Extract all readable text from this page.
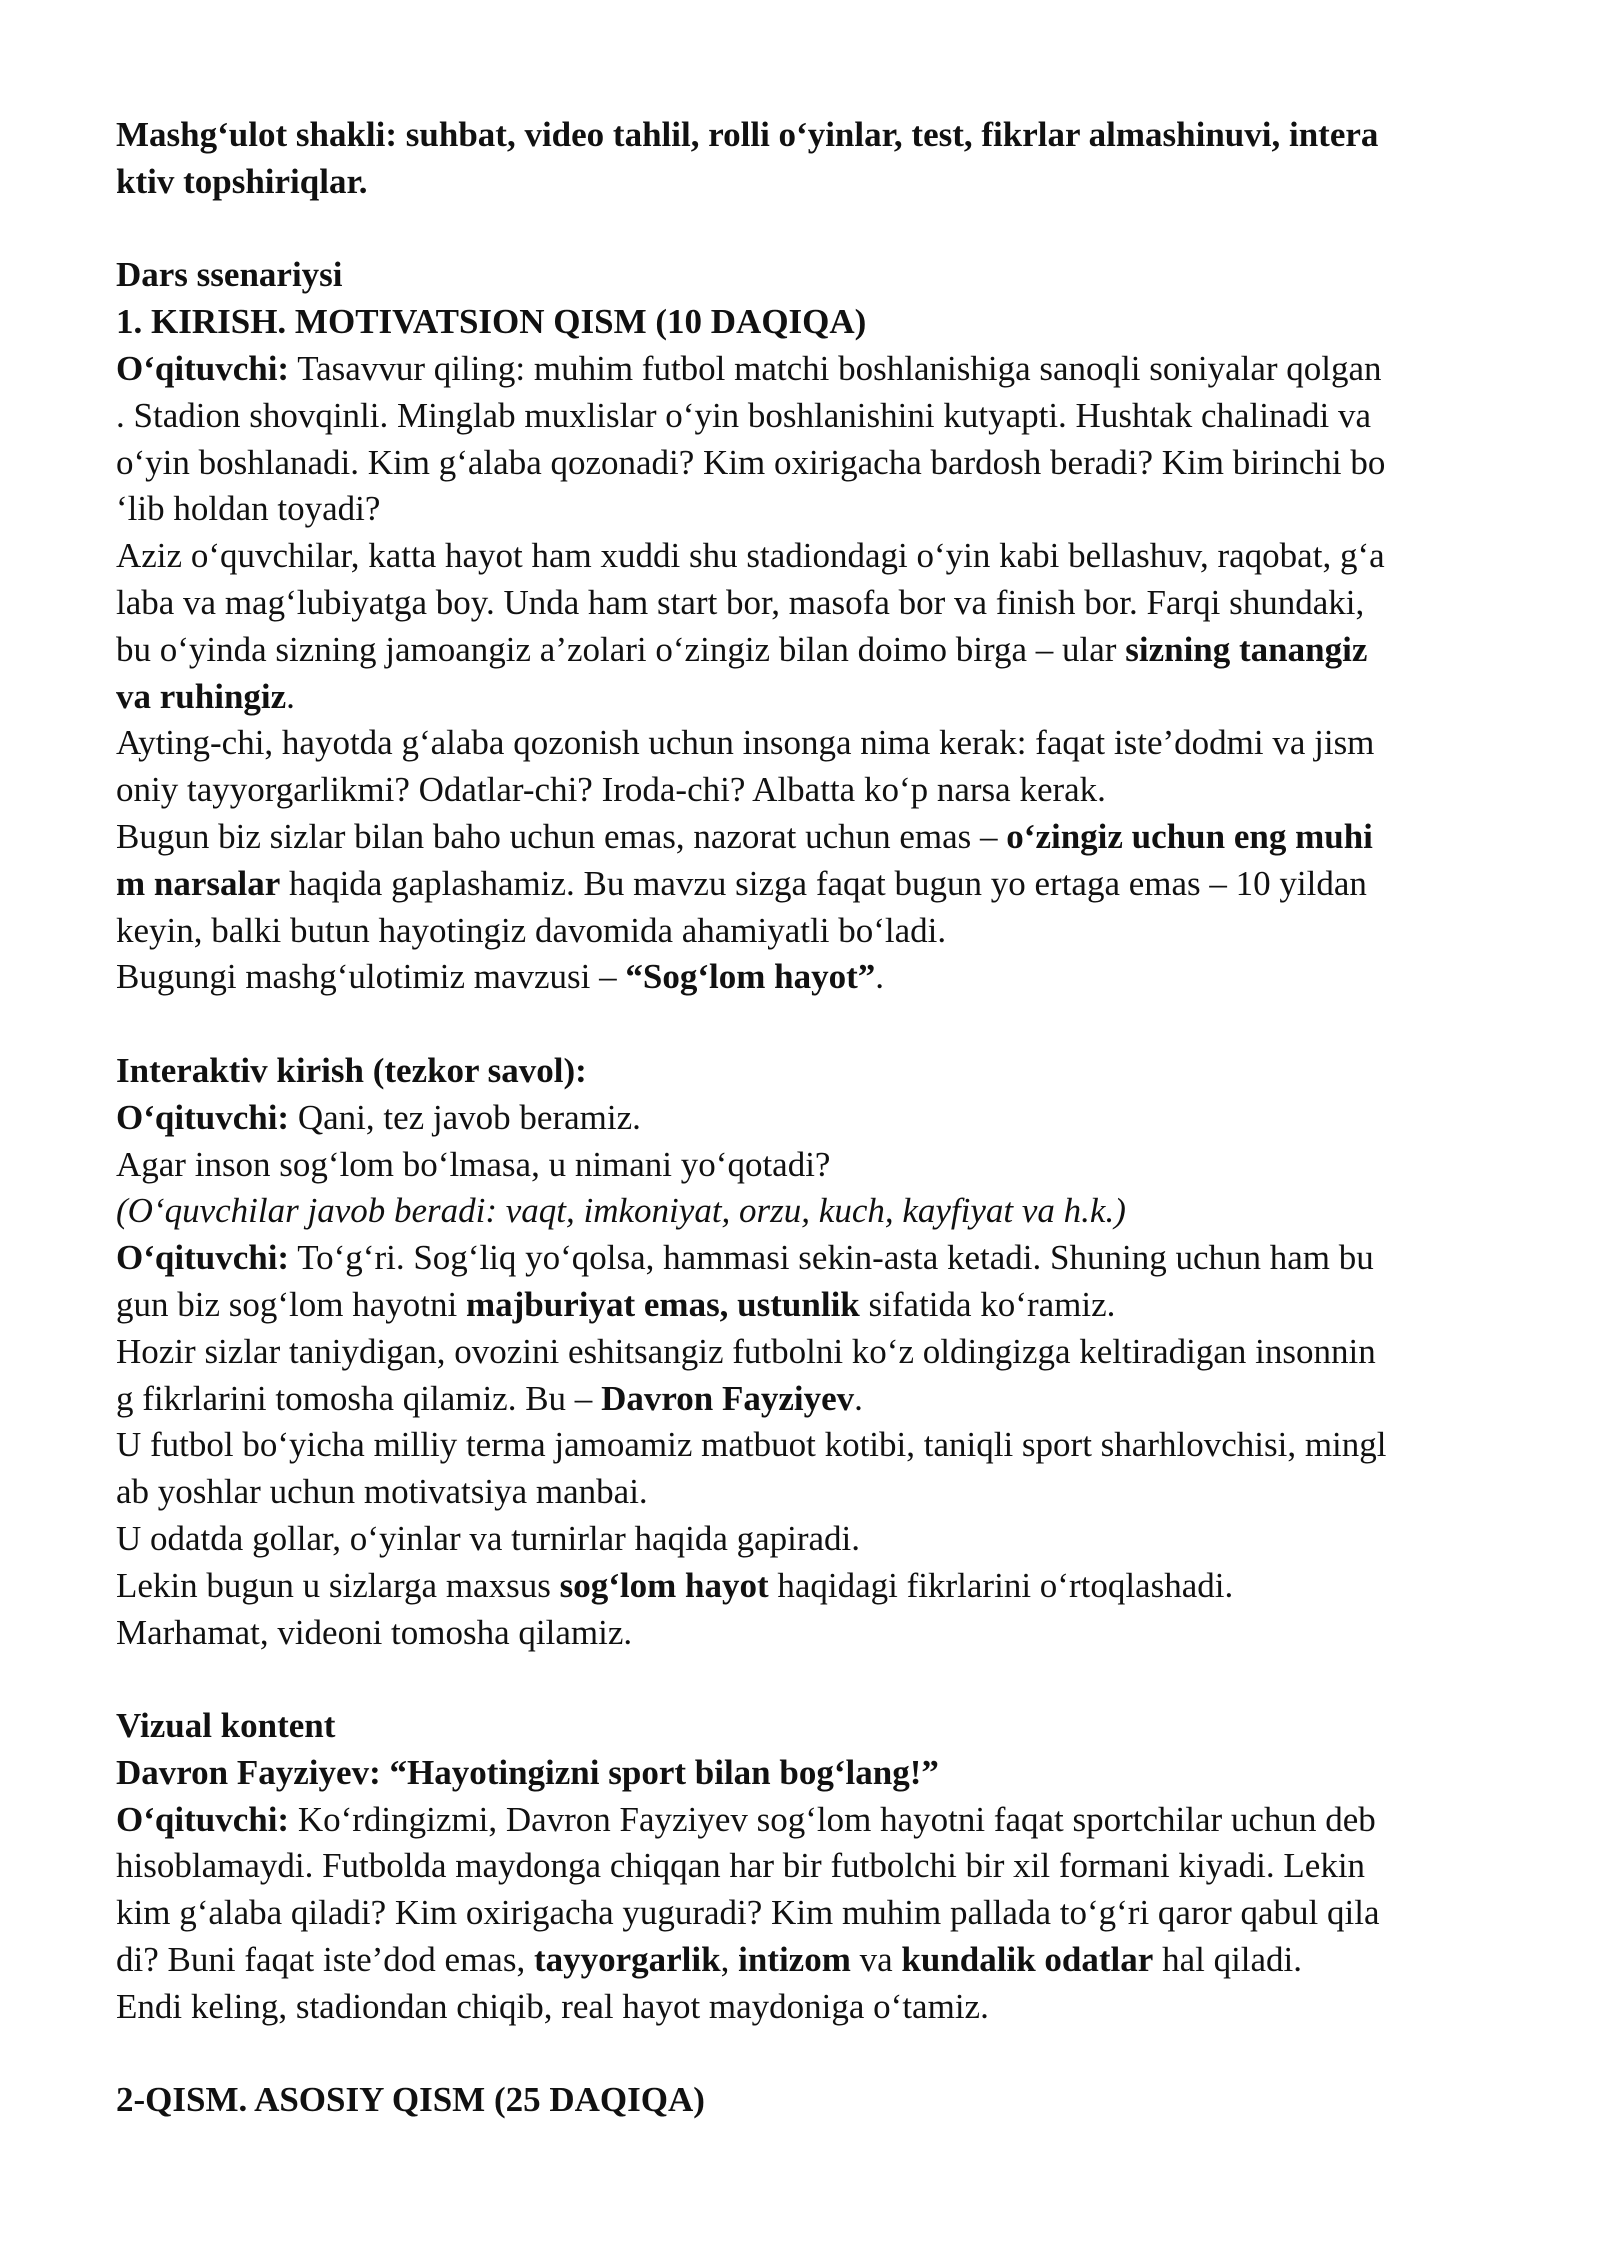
Mashg‘ulot shakli: suhbat, video tahlil, rolli o‘yinlar, test, fikrlar almashinuvi, intera
ktiv topshiriqlar.
Dars ssenariysi
1. KIRISH. MOTIVATSION QISM (10 DAQIQA)
O‘qituvchi: Tasavvur qiling: muhim futbol matchi boshlanishiga sanoqli soniyalar qolgan
. Stadion shovqinli. Minglab muxlislar o‘yin boshlanishini kutyapti. Hushtak chalinadi va
o‘yin boshlanadi. Kim g‘alaba qozonadi? Kim oxirigacha bardosh beradi? Kim birinchi bo
‘lib holdan toyadi?
Aziz o‘quvchilar, katta hayot ham xuddi shu stadiondagi o‘yin kabi bellashuv, raqobat, g‘a
laba va mag‘lubiyatga boy. Unda ham start bor, masofa bor va finish bor. Farqi shundaki,
bu o‘yinda sizning jamoangiz a’zolari o‘zingiz bilan doimo birga – ular sizning tanangiz
va ruhingiz.
Ayting-chi, hayotda g‘alaba qozonish uchun insonga nima kerak: faqat iste’dodmi va jism
oniy tayyorgarlikmi? Odatlar-chi? Iroda-chi? Albatta ko‘p narsa kerak.
Bugun biz sizlar bilan baho uchun emas, nazorat uchun emas – o‘zingiz uchun eng muhi
m narsalar haqida gaplashamiz. Bu mavzu sizga faqat bugun yo ertaga emas – 10 yildan
keyin, balki butun hayotingiz davomida ahamiyatli bo‘ladi.
Bugungi mashg‘ulotimiz mavzusi – “Sog‘lom hayot”.
Interaktiv kirish (tezkor savol):
O‘qituvchi: Qani, tez javob beramiz.
Agar inson sog‘lom bo‘lmasa, u nimani yo‘qotadi?
(O‘quvchilar javob beradi: vaqt, imkoniyat, orzu, kuch, kayfiyat va h.k.)
O‘qituvchi: To‘g‘ri. Sog‘liq yo‘qolsa, hammasi sekin-asta ketadi. Shuning uchun ham bu
gun biz sog‘lom hayotni majburiyat emas, ustunlik sifatida ko‘ramiz.
Hozir sizlar taniydigan, ovozini eshitsangiz futbolni ko‘z oldingizga keltiradigan insonnin
g fikrlarini tomosha qilamiz. Bu – Davron Fayziyev.
U futbol bo‘yicha milliy terma jamoamiz matbuot kotibi, taniqli sport sharhlovchisi, mingl
ab yoshlar uchun motivatsiya manbai.
U odatda gollar, o‘yinlar va turnirlar haqida gapiradi.
Lekin bugun u sizlarga maxsus sog‘lom hayot haqidagi fikrlarini o‘rtoqlashadi.
Marhamat, videoni tomosha qilamiz.
Vizual kontent
Davron Fayziyev: “Hayotingizni sport bilan bog‘lang!”
O‘qituvchi: Ko‘rdingizmi, Davron Fayziyev sog‘lom hayotni faqat sportchilar uchun deb
hisoblamaydi. Futbolda maydonga chiqqan har bir futbolchi bir xil formani kiyadi. Lekin
kim g‘alaba qiladi? Kim oxirigacha yuguradi? Kim muhim pallada to‘g‘ri qaror qabul qila
di? Buni faqat iste’dod emas, tayyorgarlik, intizom va kundalik odatlar hal qiladi.
Endi keling, stadiondan chiqib, real hayot maydoniga o‘tamiz.
2-QISM. ASOSIY QISM (25 DAQIQA)
